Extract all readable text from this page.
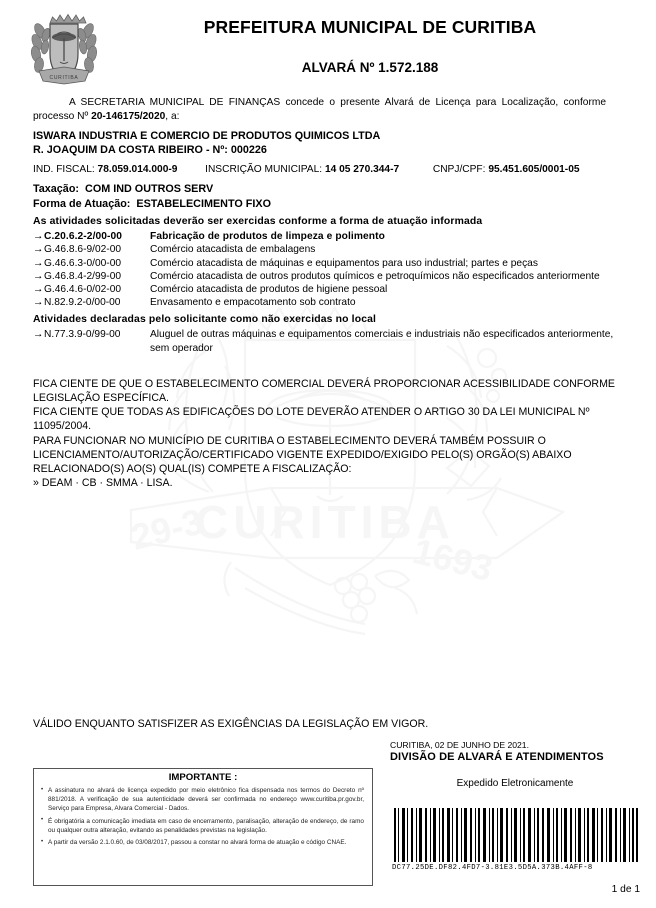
CURITIBA
29-3
1693
CURITIBA
PREFEITURA MUNICIPAL DE CURITIBA
ALVARÁ Nº 1.572.188
A SECRETARIA MUNICIPAL DE FINANÇAS concede o presente Alvará de Licença para Localização, conforme processo Nº 20-146175/2020, a:
ISWARA INDUSTRIA E COMERCIO DE PRODUTOS QUIMICOS LTDA
R. JOAQUIM DA COSTA RIBEIRO - Nº: 000226
IND. FISCAL: 78.059.014.000-9	INSCRIÇÃO MUNICIPAL: 14 05 270.344-7	CNPJ/CPF: 95.451.605/0001-05
Taxação: COM IND OUTROS SERV
Forma de Atuação: ESTABELECIMENTO FIXO
As atividades solicitadas deverão ser exercidas conforme a forma de atuação informada
→ C.20.6.2-2/00-00	Fabricação de produtos de limpeza e polimento
→ G.46.8.6-9/02-00	Comércio atacadista de embalagens
→ G.46.6.3-0/00-00	Comércio atacadista de máquinas e equipamentos para uso industrial; partes e peças
→ G.46.8.4-2/99-00	Comércio atacadista de outros produtos químicos e petroquímicos não especificados anteriormente
→ G.46.4.6-0/02-00	Comércio atacadista de produtos de higiene pessoal
→ N.82.9.2-0/00-00	Envasamento e empacotamento sob contrato
Atividades declaradas pelo solicitante como não exercidas no local
→ N.77.3.9-0/99-00	Aluguel de outras máquinas e equipamentos comerciais e industriais não especificados anteriormente, sem operador

FICA CIENTE DE QUE O ESTABELECIMENTO COMERCIAL DEVERÁ PROPORCIONAR ACESSIBILIDADE CONFORME LEGISLAÇÃO ESPECÍFICA.

FICA CIENTE QUE TODAS AS EDIFICAÇÕES DO LOTE DEVERÃO ATENDER O ARTIGO 30 DA LEI MUNICIPAL Nº 11095/2004.

PARA FUNCIONAR NO MUNICÍPIO DE CURITIBA O ESTABELECIMENTO DEVERÁ TAMBÉM POSSUIR O LICENCIAMENTO/AUTORIZAÇÃO/CERTIFICADO VIGENTE EXPEDIDO/EXIGIDO PELO(S) ORGÃO(S) ABAIXO RELACIONADO(S) AO(S) QUAL(IS) COMPETE A FISCALIZAÇÃO:

» DEAM · CB · SMMA · LISA.

VÁLIDO ENQUANTO SATISFIZER AS EXIGÊNCIAS DA LEGISLAÇÃO EM VIGOR.
CURITIBA, 02 DE JUNHO DE 2021.
DIVISÃO DE ALVARÁ E ATENDIMENTOS
Expedido Eletronicamente
IMPORTANTE :
• A assinatura no alvará de licença expedido por meio eletrônico fica dispensada nos termos do Decreto nº 881/2018. A verificação de sua autenticidade deverá ser confirmada no endereço www.curitiba.pr.gov.br, Serviço para Empresa, Alvara Comercial - Dados.
• É obrigatória a comunicação imediata em caso de encerramento, paralisação, alteração de endereço, de ramo ou qualquer outra alteração, evitando as penalidades previstas na legislação.
• A partir da versão 2.1.0.60, de 03/08/2017, passou a constar no alvará forma de atuação e código CNAE.
DC77.25DE.DF82.4FD7-3.81E3.5D5A.373B.4AFF-8
1 de 1
